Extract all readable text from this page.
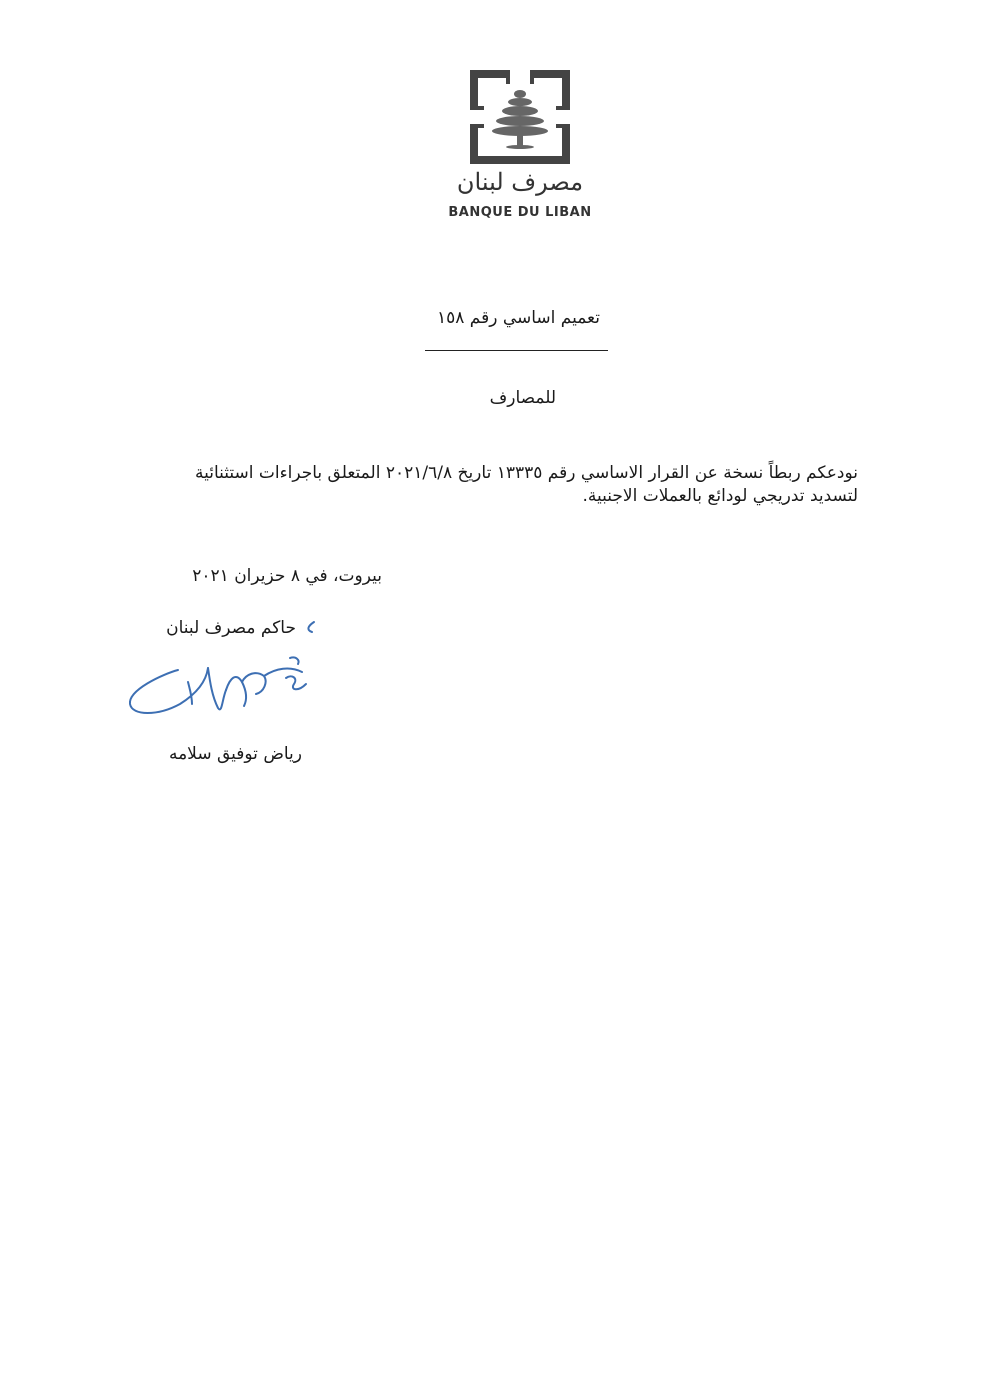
مصرف لبنان
BANQUE DU LIBAN
تعميم اساسي رقم ١٥٨
للمصارف
نودعكم ربطاً نسخة عن القرار الاساسي رقم ١٣٣٣٥ تاريخ ٢٠٢١/٦/٨ المتعلق باجراءات استثنائية لتسديد تدريجي لودائع بالعملات الاجنبية.
بيروت، في ٨ حزيران ٢٠٢١
حاكم مصرف لبنان
رياض توفيق سلامه
